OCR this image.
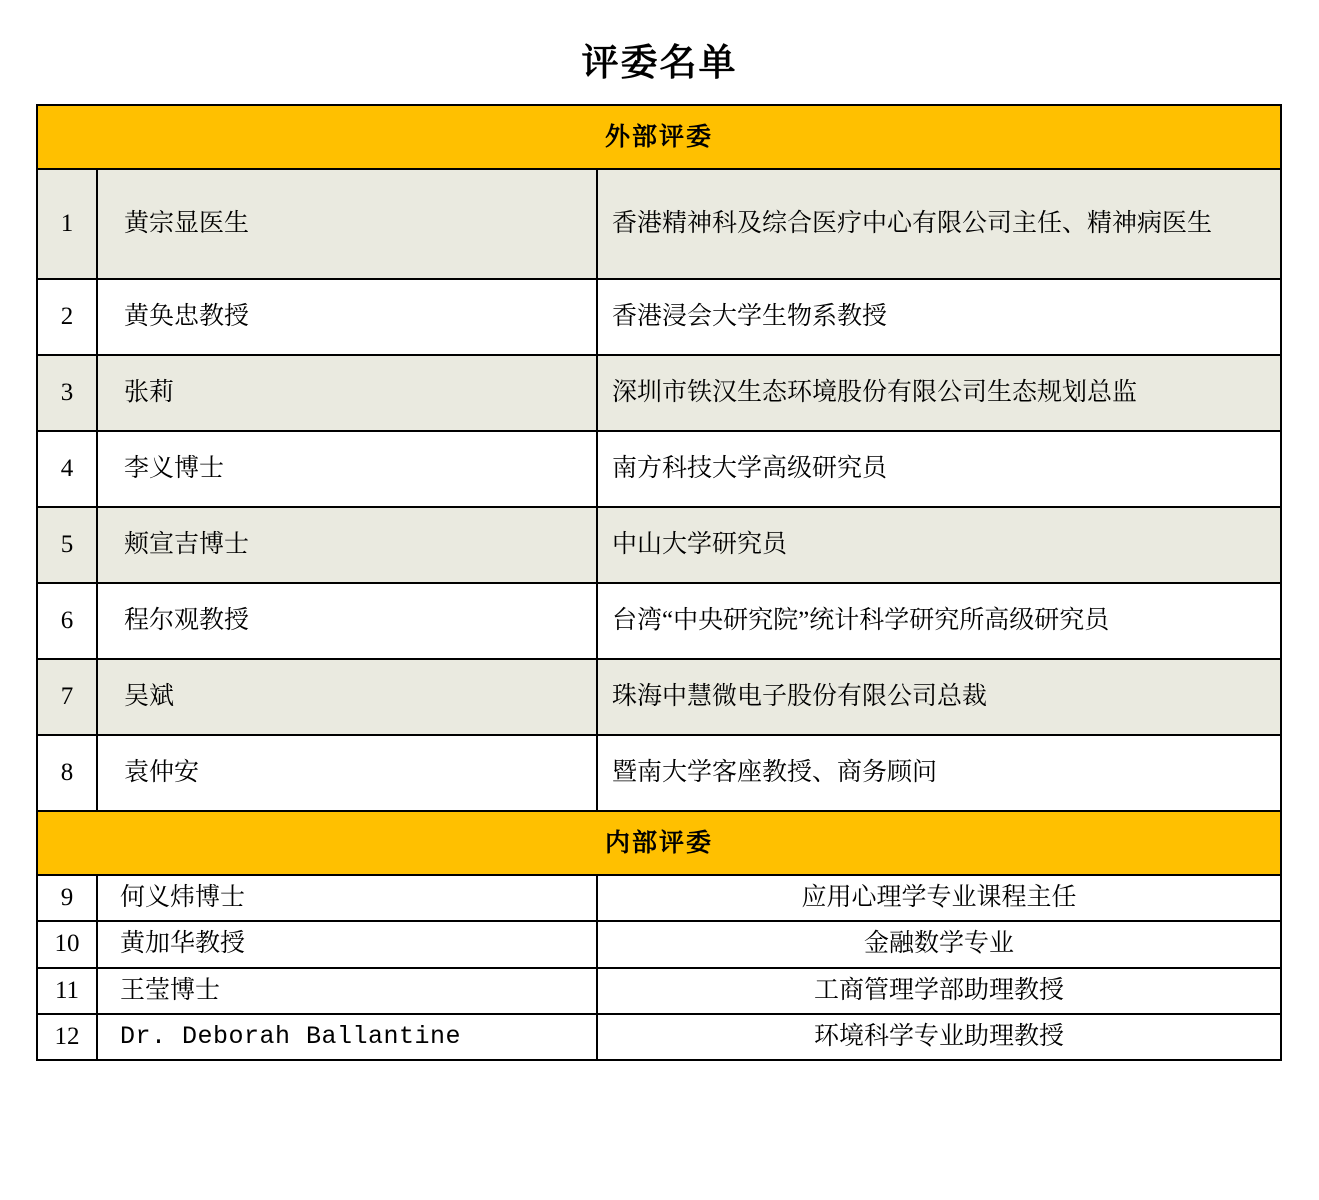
评委名单
外部评委		
1	黄宗显医生	香港精神科及综合医疗中心有限公司主任、精神病医生
2	黄奂忠教授	香港浸会大学生物系教授
3	张莉	深圳市铁汉生态环境股份有限公司生态规划总监
4	李义博士	南方科技大学高级研究员
5	颊宣吉博士	中山大学研究员
6	程尔观教授	台湾“中央研究院”统计科学研究所高级研究员
7	吴斌	珠海中慧微电子股份有限公司总裁
8	袁仲安	暨南大学客座教授、商务顾问
内部评委		
9	何义炜博士	应用心理学专业课程主任
10	黄加华教授	金融数学专业
11	王莹博士	工商管理学部助理教授
12	Dr. Deborah Ballantine	环境科学专业助理教授
